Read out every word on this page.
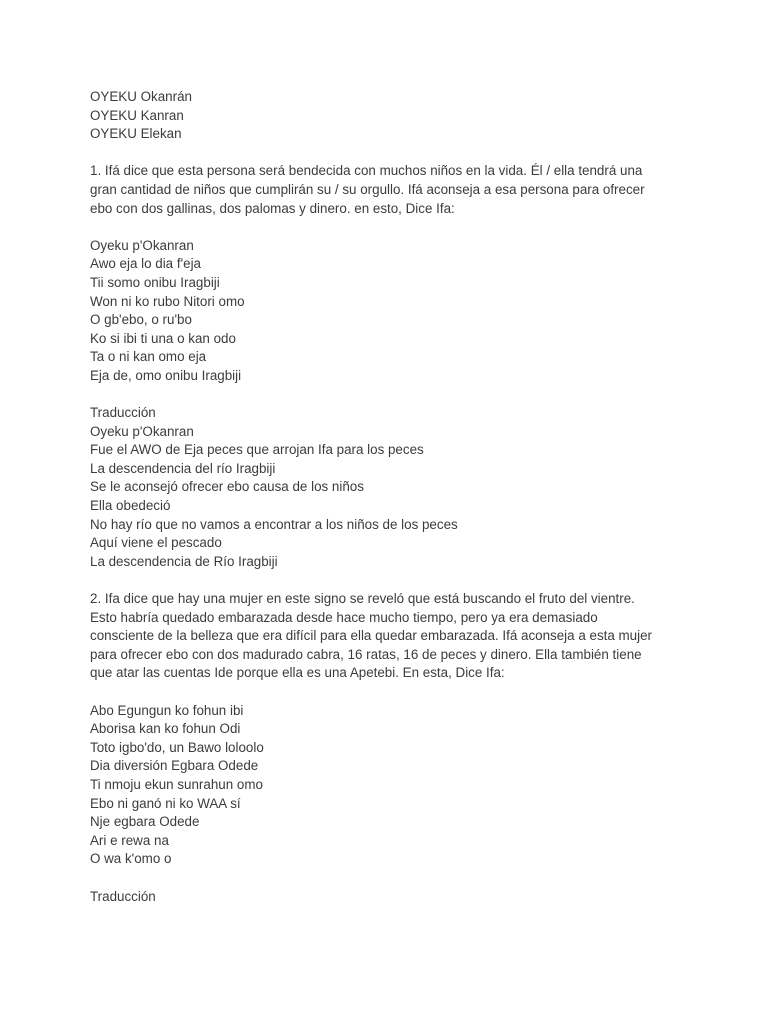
OYEKU Okanrán
OYEKU Kanran
OYEKU Elekan
1. Ifá dice que esta persona será bendecida con muchos niños en la vida. Él / ella tendrá una
gran cantidad de niños que cumplirán su / su orgullo. Ifá aconseja a esa persona para ofrecer
ebo con dos gallinas, dos palomas y dinero. en esto, Dice Ifa:
Oyeku p'Okanran
Awo eja lo dia f'eja
Tii somo onibu Iragbiji
Won ni ko rubo Nitori omo
O gb'ebo, o ru'bo
Ko si ibi ti una o kan odo
Ta o ni kan omo eja
Eja de, omo onibu Iragbiji
Traducción
Oyeku p'Okanran
Fue el AWO de Eja peces que arrojan Ifa para los peces
La descendencia del río Iragbiji
Se le aconsejó ofrecer ebo causa de los niños
Ella obedeció
No hay río que no vamos a encontrar a los niños de los peces
Aquí viene el pescado
La descendencia de Río Iragbiji
2. Ifa dice que hay una mujer en este signo se reveló que está buscando el fruto del vientre.
Esto habría quedado embarazada desde hace mucho tiempo, pero ya era demasiado
consciente de la belleza que era difícil para ella quedar embarazada. Ifá aconseja a esta mujer
para ofrecer ebo con dos madurado cabra, 16 ratas, 16 de peces y dinero. Ella también tiene
que atar las cuentas Ide porque ella es una Apetebi. En esta, Dice Ifa:
Abo Egungun ko fohun ibi
Aborisa kan ko fohun Odi
Toto igbo'do, un Bawo loloolo
Dia diversión Egbara Odede
Ti nmoju ekun sunrahun omo
Ebo ni ganó ni ko WAA sí
Nje egbara Odede
Ari e rewa na
O wa k'omo o
Traducción
